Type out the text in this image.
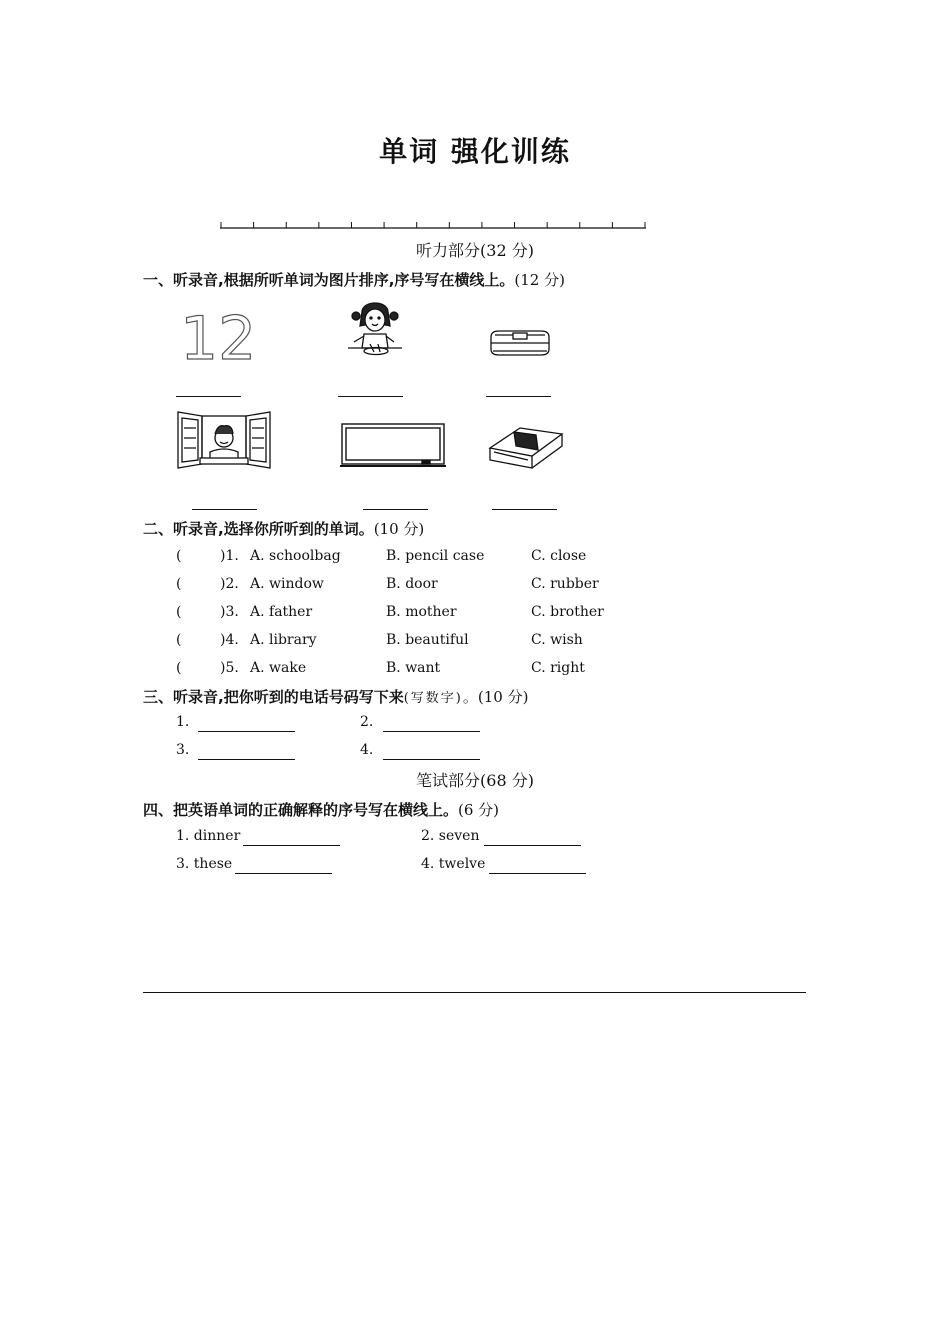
单词 强化训练
听力部分(32 分)
一、听录音,根据所听单词为图片排序,序号写在横线上。(12 分)
12
二、听录音,选择你所听到的单词。(10 分)
(	)1. A. schoolbag	B. pencil case	C. close
(	)2. A. window	B. door	C. rubber
(	)3. A. father	B. mother	C. brother
(	)4. A. library	B. beautiful	C. wish
(	)5. A. wake	B. want	C. right
三、听录音,把你听到的电话号码写下来(写数字)。(10 分)
1.	2.
3.	4.
笔试部分(68 分)
四、把英语单词的正确解释的序号写在横线上。(6 分)
1. dinner	2. seven
3. these	4. twelve
